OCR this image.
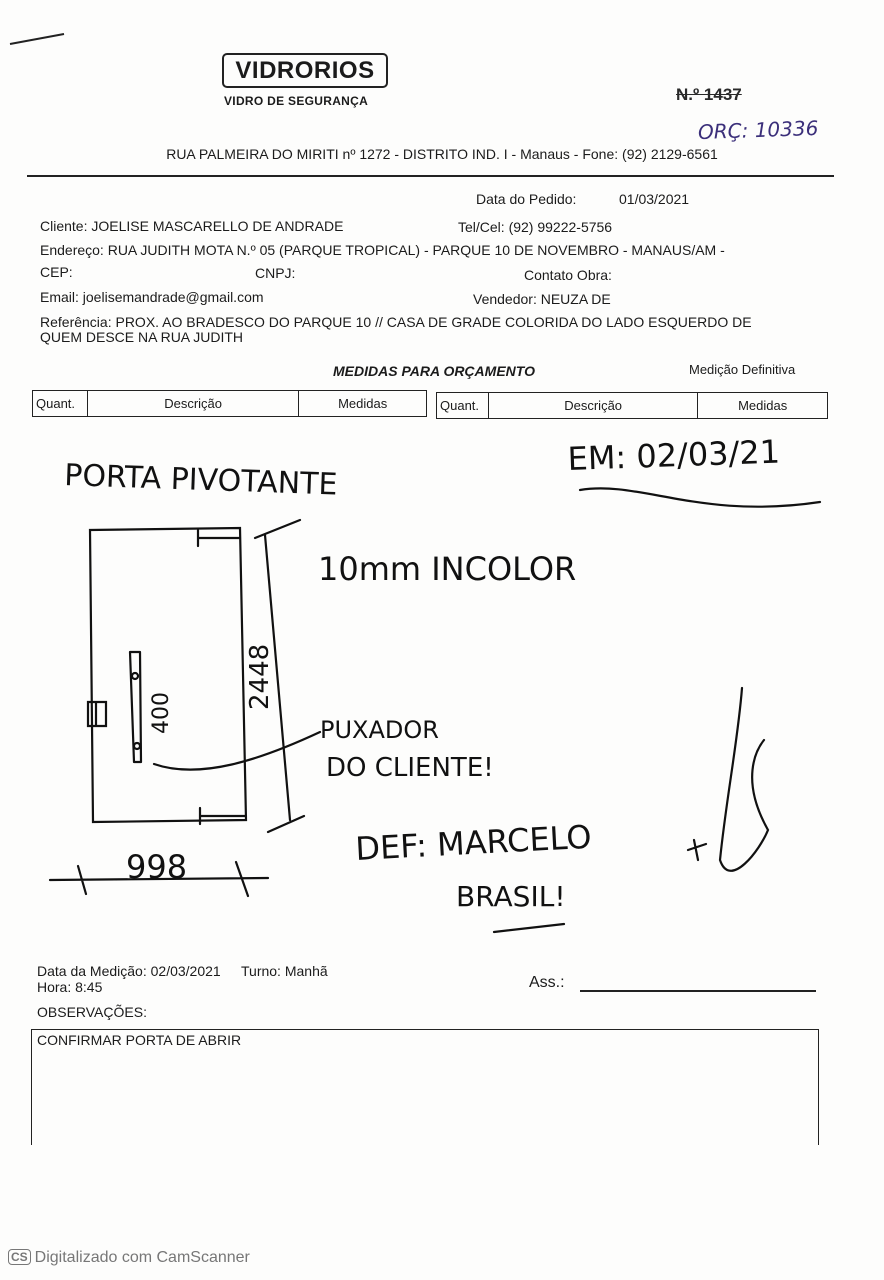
VIDRORIOS
VIDRO DE SEGURANÇA	N.º 1437
ORÇ: 10336
RUA PALMEIRA DO MIRITI nº 1272 - DISTRITO IND. I - Manaus - Fone: (92) 2129-6561
Data do Pedido:	01/03/2021
Cliente: JOELISE MASCARELLO DE ANDRADE	Tel/Cel: (92) 99222-5756
Endereço: RUA JUDITH MOTA N.º 05 (PARQUE TROPICAL) - PARQUE 10 DE NOVEMBRO - MANAUS/AM -
CEP:	CNPJ:	Contato Obra:
Email: joelisemandrade@gmail.com	Vendedor: NEUZA DE
Referência: PROX. AO BRADESCO DO PARQUE 10 // CASA DE GRADE COLORIDA DO LADO ESQUERDO DE
QUEM DESCE NA RUA JUDITH
MEDIDAS PARA ORÇAMENTO	Medição Definitiva
Quant.	Descrição	Medidas	Quant.	Descrição	Medidas
PORTA PIVOTANTE
EM: 02/03/21
10mm INCOLOR
2448
400	PUXADOR
DO CLIENTE!
998	DEF: MARCELO
BRASIL!
Data da Medição: 02/03/2021 Turno: Manhã
Hora: 8:45	Ass.:
OBSERVAÇÕES:
CONFIRMAR PORTA DE ABRIR
CS Digitalizado com CamScanner
